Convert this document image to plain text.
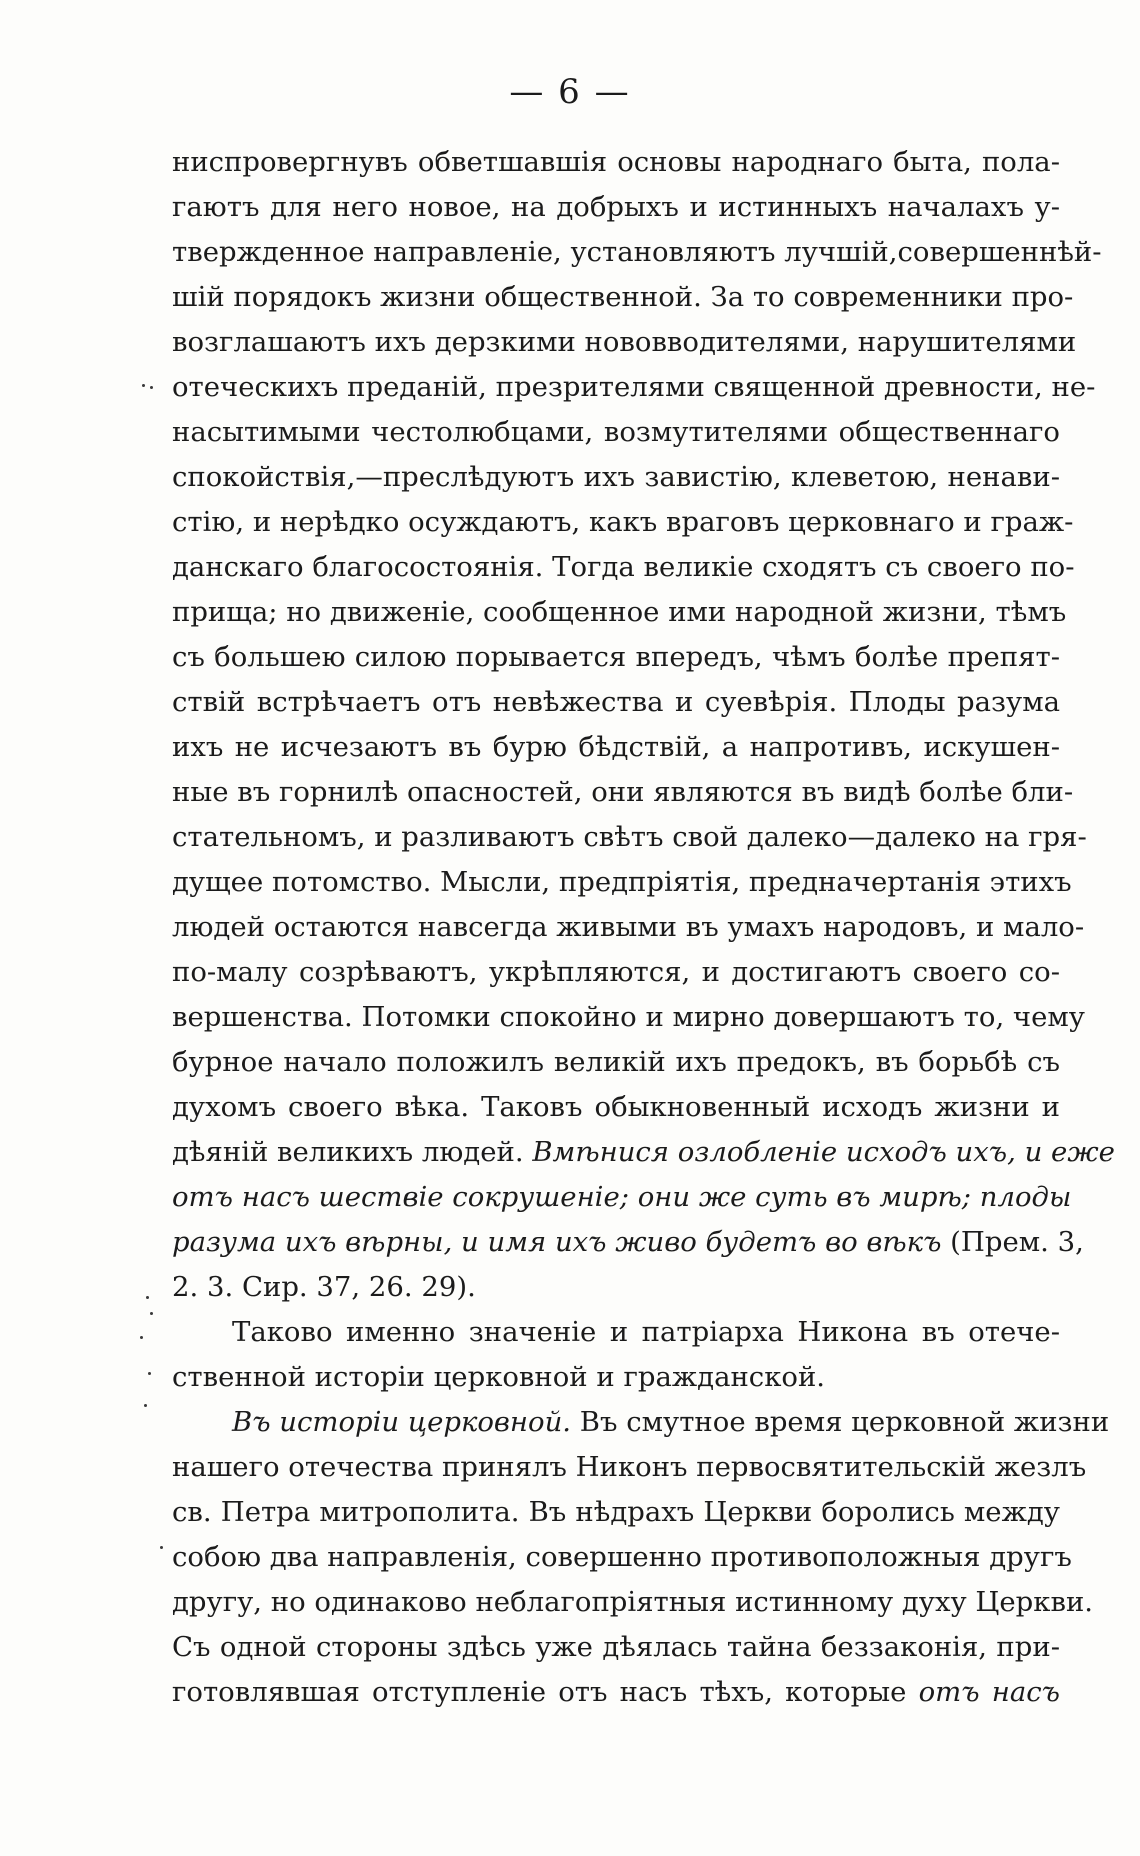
— 6 —
ниспровергнувъ обветшавшія основы народнаго быта, пола-
гаютъ для него новое, на добрыхъ и истинныхъ началахъ у-
твержденное направленіе, установляютъ лучшій,совершеннѣй-
шій порядокъ жизни общественной. За то современники про-
возглашаютъ ихъ дерзкими нововводителями, нарушителями
отеческихъ преданій, презрителями священной древности, не-
насытимыми честолюбцами, возмутителями общественнаго
спокойствія,—преслѣдуютъ ихъ завистію, клеветою, ненави-
стію, и нерѣдко осуждаютъ, какъ враговъ церковнаго и граж-
данскаго благосостоянія. Тогда великіе сходятъ съ своего по-
прища; но движеніе, сообщенное ими народной жизни, тѣмъ
съ большею силою порывается впередъ, чѣмъ болѣе препят-
ствій встрѣчаетъ отъ невѣжества и суевѣрія. Плоды разума
ихъ не исчезаютъ въ бурю бѣдствій, а напротивъ, искушен-
ные въ горнилѣ опасностей, они являются въ видѣ болѣе бли-
стательномъ, и разливаютъ свѣтъ свой далеко—далеко на гря-
дущее потомство. Мысли, предпріятія, предначертанія этихъ
людей остаются навсегда живыми въ умахъ народовъ, и мало-
по-малу созрѣваютъ, укрѣпляются, и достигаютъ своего со-
вершенства. Потомки спокойно и мирно довершаютъ то, чему
бурное начало положилъ великій ихъ предокъ, въ борьбѣ съ
духомъ своего вѣка. Таковъ обыкновенный исходъ жизни и
дѣяній великихъ людей. Вмѣнися озлобленіе исходъ ихъ, и еже
отъ насъ шествіе сокрушеніе; они же суть въ мирѣ; плоды
разума ихъ вѣрны, и имя ихъ живо будетъ во вѣкъ (Прем. 3,
2. 3. Сир. 37, 26. 29).
Таково именно значеніе и патріарха Никона въ отече-
ственной исторіи церковной и гражданской.
Въ исторіи церковной. Въ смутное время церковной жизни
нашего отечества принялъ Никонъ первосвятительскій жезлъ
св. Петра митрополита. Въ нѣдрахъ Церкви боролись между
собою два направленія, совершенно противоположныя другъ
другу, но одинаково неблагопріятныя истинному духу Церкви.
Съ одной стороны здѣсь уже дѣялась тайна беззаконія, при-
готовлявшая отступленіе отъ насъ тѣхъ, которые отъ насъ
